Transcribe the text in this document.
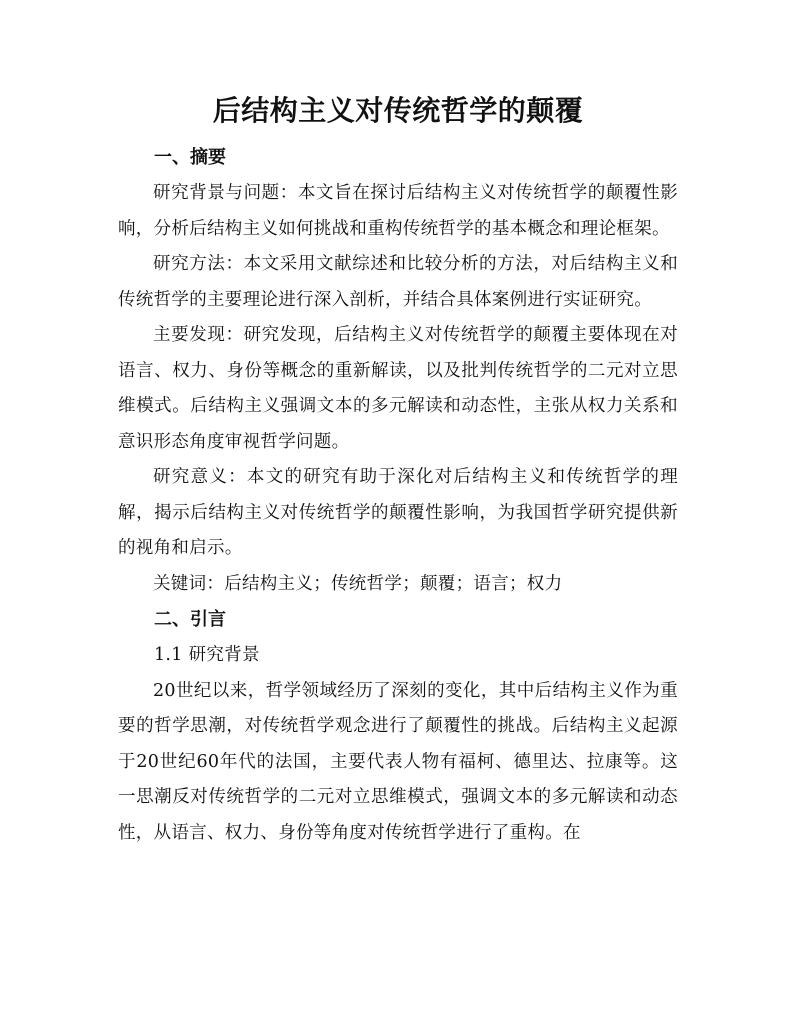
后结构主义对传统哲学的颠覆
一、摘要

研究背景与问题：本文旨在探讨后结构主义对传统哲学的颠覆性影响，分析后结构主义如何挑战和重构传统哲学的基本概念和理论框架。

研究方法：本文采用文献综述和比较分析的方法，对后结构主义和传统哲学的主要理论进行深入剖析，并结合具体案例进行实证研究。

主要发现：研究发现，后结构主义对传统哲学的颠覆主要体现在对语言、权力、身份等概念的重新解读，以及批判传统哲学的二元对立思维模式。后结构主义强调文本的多元解读和动态性，主张从权力关系和意识形态角度审视哲学问题。

研究意义：本文的研究有助于深化对后结构主义和传统哲学的理解，揭示后结构主义对传统哲学的颠覆性影响，为我国哲学研究提供新的视角和启示。

关键词：后结构主义；传统哲学；颠覆；语言；权力

二、引言

1.1 研究背景

20世纪以来，哲学领域经历了深刻的变化，其中后结构主义作为重要的哲学思潮，对传统哲学观念进行了颠覆性的挑战。后结构主义起源于20世纪60年代的法国，主要代表人物有福柯、德里达、拉康等。这一思潮反对传统哲学的二元对立思维模式，强调文本的多元解读和动态性，从语言、权力、身份等角度对传统哲学进行了重构。在
